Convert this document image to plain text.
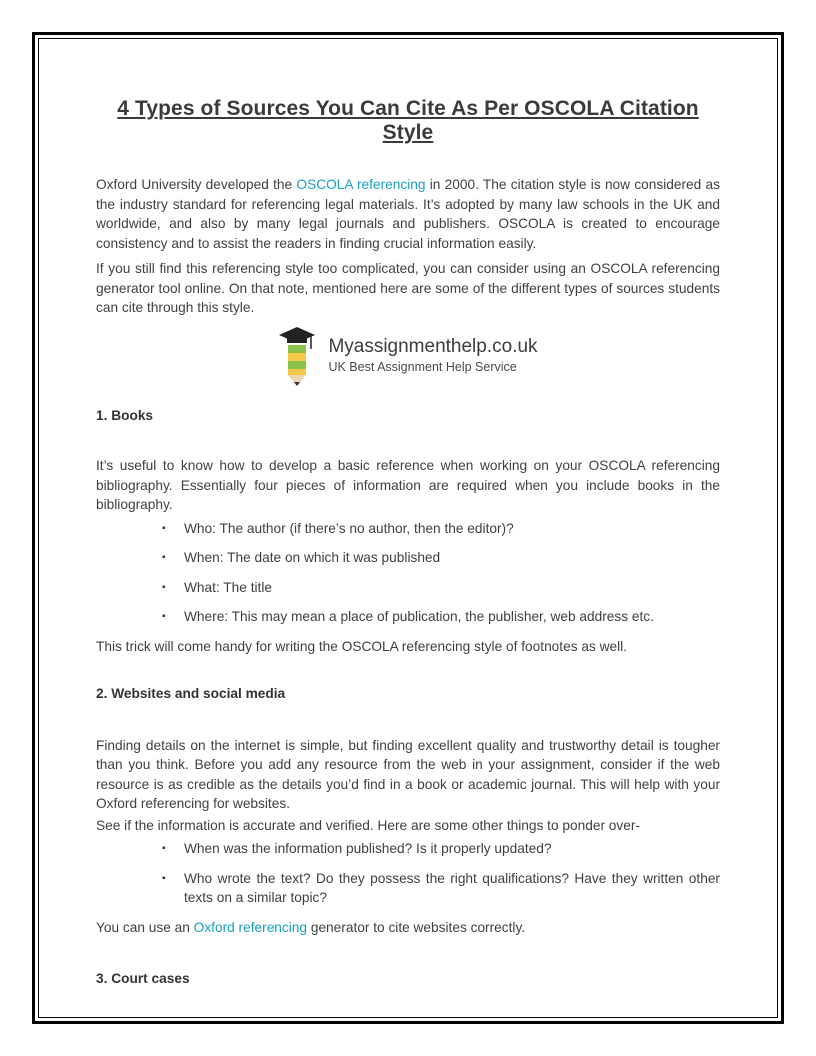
4 Types of Sources You Can Cite As Per OSCOLA Citation Style

Oxford University developed the OSCOLA referencing in 2000. The citation style is now considered as the industry standard for referencing legal materials. It’s adopted by many law schools in the UK and worldwide, and also by many legal journals and publishers. OSCOLA is created to encourage consistency and to assist the readers in finding crucial information easily.

If you still find this referencing style too complicated, you can consider using an OSCOLA referencing generator tool online. On that note, mentioned here are some of the different types of sources students can cite through this style.

Myassignmenthelp.co.uk
UK Best Assignment Help Service

1. Books

It’s useful to know how to develop a basic reference when working on your OSCOLA referencing bibliography. Essentially four pieces of information are required when you include books in the bibliography.

▪ Who: The author (if there’s no author, then the editor)?
▪ When: The date on which it was published
▪ What: The title
▪ Where: This may mean a place of publication, the publisher, web address etc.

This trick will come handy for writing the OSCOLA referencing style of footnotes as well.

2. Websites and social media

Finding details on the internet is simple, but finding excellent quality and trustworthy detail is tougher than you think. Before you add any resource from the web in your assignment, consider if the web resource is as credible as the details you’d find in a book or academic journal. This will help with your Oxford referencing for websites.

See if the information is accurate and verified. Here are some other things to ponder over-

▪ When was the information published? Is it properly updated?
▪ Who wrote the text? Do they possess the right qualifications? Have they written other texts on a similar topic?

You can use an Oxford referencing generator to cite websites correctly.

3. Court cases
